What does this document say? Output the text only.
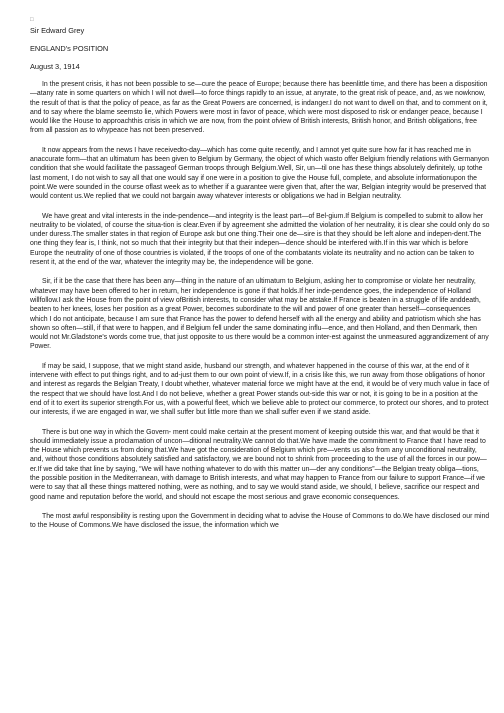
□
Sir Edward Grey
ENGLAND's POSITION
August 3, 1914

In the present crisis, it has not been possible to se—cure the peace of Europe; because there has beenlittle time, and there has been a disposition—atany rate in some quarters on which I will not dwell—to force things rapidly to an issue, at anyrate, to the great risk of peace, and, as we nowknow, the result of that is that the policy of peace, as far as the Great Powers are concerned, is indanger.I do not want to dwell on that, and to comment on it, and to say where the blame seemsto lie, which Powers were most in favor of peace, which were most disposed to risk or endanger peace, because I would like the House to approachthis crisis in which we are now, from the point ofview of British interests, British honor, and British obligations, free from all passion as to whypeace has not been preserved.

It now appears from the news I have receivedto-day—which has come quite recently, and I amnot yet quite sure how far it has reached me in anaccurate form—that an ultimatum has been given to Belgium by Germany, the object of which wasto offer Belgium friendly relations with Germanyon condition that she would facilitate the passageof German troops through Belgium.Well, Sir, un—til one has these things absolutely definitely, up tothe last moment, I do not wish to say all that one would say if one were in a position to give the House full, complete, and absolute informationupon the point.We were sounded in the course oflast week as to whether if a guarantee were given that, after the war, Belgian integrity would be preserved that would content us.We replied that we could not bargain away whatever interests or obligations we had in Belgian neutrality.

We have great and vital interests in the inde-pendence—and integrity is the least part—of Bel-gium.If Belgium is compelled to submit to allow her neutrality to be violated, of course the situa-tion is clear.Even if by agreement she admitted the violation of her neutrality, it is clear she could only do so under duress.The smaller states in that region of Europe ask but one thing.Their one de—sire is that they should be left alone and indepen-dent.The one thing they fear is, I think, not so much that their integrity but that their indepen—dence should be interfered with.If in this war which is before Europe the neutrality of one of those countries is violated, if the troops of one of the combatants violate its neutrality and no action can be taken to resent it, at the end of the war, whatever the integrity may be, the independence will be gone.

Sir, if it be the case that there has been any—thing in the nature of an ultimatum to Belgium, asking her to compromise or violate her neutrality, whatever may have been offered to her in return, her independence is gone if that holds.If her inde-pendence goes, the independence of Holland willfollow.I ask the House from the point of view ofBritish interests, to consider what may be atstake.If France is beaten in a struggle of life anddeath, beaten to her knees, loses her position as a great Power, becomes subordinate to the will and power of one greater than herself—consequences which I do not anticipate, because I am sure that France has the power to defend herself with all the energy and ability and patriotism which she has shown so often—still, if that were to happen, and if Belgium fell under the same dominating influ—ence, and then Holland, and then Denmark, then would not Mr.Gladstone's words come true, that just opposite to us there would be a common inter-est against the unmeasured aggrandizement of any Power.

If may be said, I suppose, that we might stand aside, husband our strength, and whatever happened in the course of this war, at the end of it intervene with effect to put things right, and to ad-just them to our own point of view.If, in a crisis like this, we run away from those obligations of honor and interest as regards the Belgian Treaty, I doubt whether, whatever material force we might have at the end, it would be of very much value in face of the respect that we should have lost.And I do not believe, whether a great Power stands out-side this war or not, it is going to be in a position at the end of it to exert its superior strength.For us, with a powerful fleet, which we believe able to protect our commerce, to protect our shores, and to protect our interests, if we are engaged in war, we shall suffer but little more than we shall suffer even if we stand aside.

There is but one way in which the Govern- ment could make certain at the present moment of keeping outside this war, and that would be that it should immediately issue a proclamation of uncon—ditional neutrality.We cannot do that.We have made the commitment to France that I have read to the House which prevents us from doing that.We have got the consideration of Belgium which pre—vents us also from any unconditional neutrality, and, without those conditions absolutely satisfied and satisfactory, we are bound not to shrink from proceeding to the use of all the forces in our pow—er.If we did take that line by saying, “We will have nothing whatever to do with this matter un—der any conditions”—the Belgian treaty obliga—tions, the possible position in the Mediterranean, with damage to British interests, and what may happen to France from our failure to support France—if we were to say that all these things mattered nothing, were as nothing, and to say we would stand aside, we should, I believe, sacrifice our respect and good name and reputation before the world, and should not escape the most serious and grave economic consequences.

The most awful responsibility is resting upon the Government in deciding what to advise the House of Commons to do.We have disclosed our mind to the House of Commons.We have disclosed the issue, the information which we
